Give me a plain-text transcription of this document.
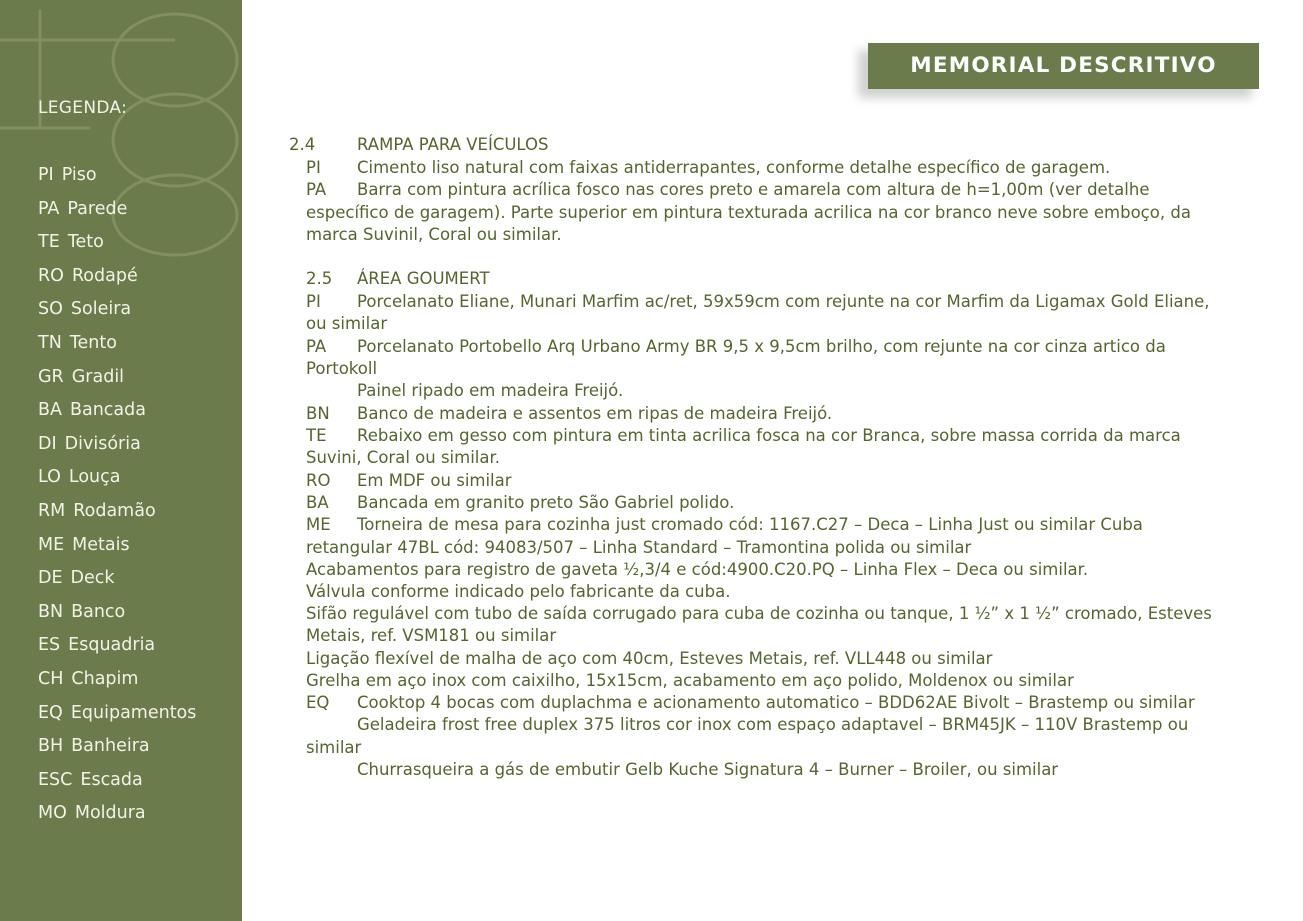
LEGENDA:
PI Piso
PA Parede
TE Teto
RO Rodapé
SO Soleira
TN Tento
GR Gradil
BA Bancada
DI Divisória
LO Louça
RM Rodamão
ME Metais
DE Deck
BN Banco
ES Esquadria
CH Chapim
EQ Equipamentos
BH Banheira
ESC Escada
MO Moldura
MEMORIAL DESCRITIVO
2.4	RAMPA PARA VEÍCULOS
PI Cimento liso natural com faixas antiderrapantes, conforme detalhe específico de garagem.
PA Barra com pintura acrílica fosco nas cores preto e amarela com altura de h=1,00m (ver detalhe
específico de garagem). Parte superior em pintura texturada acrilica na cor branco neve sobre emboço, da
marca Suvinil, Coral ou similar.
2.5 ÁREA GOUMERT
PI Porcelanato Eliane, Munari Marfim ac/ret, 59x59cm com rejunte na cor Marfim da Ligamax Gold Eliane,
ou similar
PA Porcelanato Portobello Arq Urbano Army BR 9,5 x 9,5cm brilho, com rejunte na cor cinza artico da
Portokoll
Painel ripado em madeira Freijó.
BN Banco de madeira e assentos em ripas de madeira Freijó.
TE Rebaixo em gesso com pintura em tinta acrilica fosca na cor Branca, sobre massa corrida da marca
Suvini, Coral ou similar.
RO Em MDF ou similar
BA Bancada em granito preto São Gabriel polido.
ME Torneira de mesa para cozinha just cromado cód: 1167.C27 – Deca – Linha Just ou similar Cuba
retangular 47BL cód: 94083/507 – Linha Standard – Tramontina polida ou similar
Acabamentos para registro de gaveta ½,3/4 e cód:4900.C20.PQ – Linha Flex – Deca ou similar.
Válvula conforme indicado pelo fabricante da cuba.
Sifão regulável com tubo de saída corrugado para cuba de cozinha ou tanque, 1 ½” x 1 ½” cromado, Esteves
Metais, ref. VSM181 ou similar
Ligação flexível de malha de aço com 40cm, Esteves Metais, ref. VLL448 ou similar
Grelha em aço inox com caixilho, 15x15cm, acabamento em aço polido, Moldenox ou similar
EQ Cooktop 4 bocas com duplachma e acionamento automatico – BDD62AE Bivolt – Brastemp ou similar
Geladeira frost free duplex 375 litros cor inox com espaço adaptavel – BRM45JK – 110V Brastemp ou
similar
Churrasqueira a gás de embutir Gelb Kuche Signatura 4 – Burner – Broiler, ou similar
